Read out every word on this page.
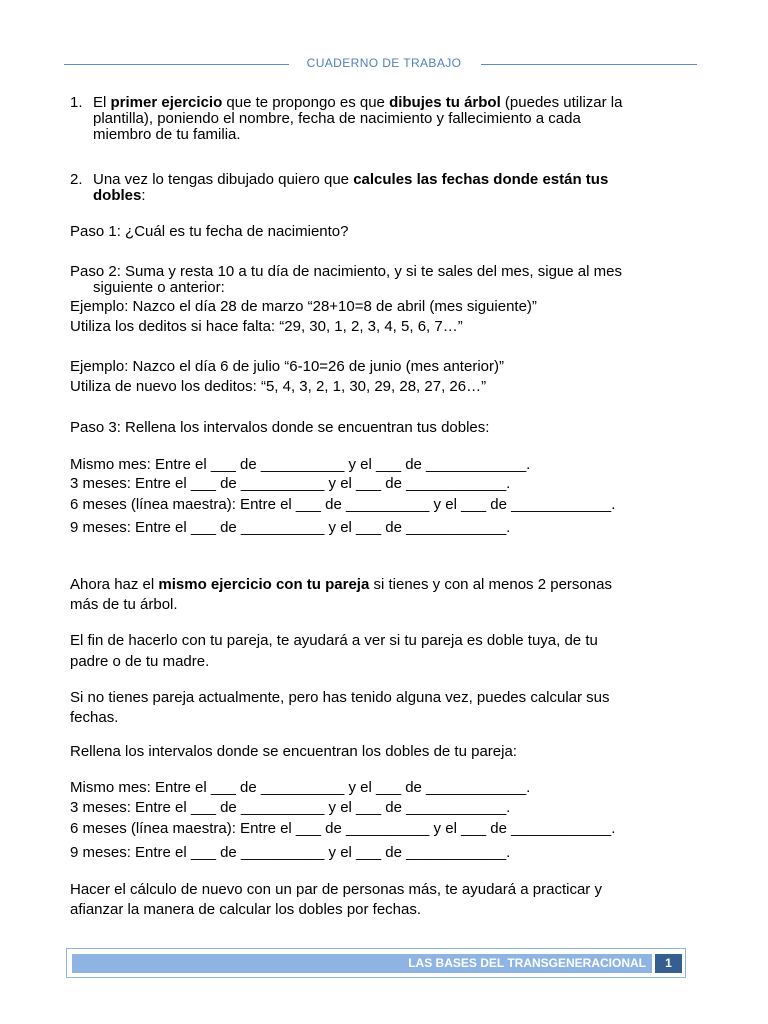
CUADERNO DE TRABAJO
1. El primer ejercicio que te propongo es que dibujes tu árbol (puedes utilizar la
plantilla), poniendo el nombre, fecha de nacimiento y fallecimiento a cada
miembro de tu familia.
2. Una vez lo tengas dibujado quiero que calcules las fechas donde están tus
dobles:
Paso 1: ¿Cuál es tu fecha de nacimiento?
Paso 2: Suma y resta 10 a tu día de nacimiento, y si te sales del mes, sigue al mes
siguiente o anterior:
Ejemplo: Nazco el día 28 de marzo “28+10=8 de abril (mes siguiente)”
Utiliza los deditos si hace falta: “29, 30, 1, 2, 3, 4, 5, 6, 7…”
Ejemplo: Nazco el día 6 de julio “6-10=26 de junio (mes anterior)”
Utiliza de nuevo los deditos: “5, 4, 3, 2, 1, 30, 29, 28, 27, 26…”
Paso 3: Rellena los intervalos donde se encuentran tus dobles:
Mismo mes: Entre el ___ de __________ y el ___ de ____________.
3 meses: Entre el ___ de __________ y el ___ de ____________.
6 meses (línea maestra): Entre el ___ de __________ y el ___ de ____________.
9 meses: Entre el ___ de __________ y el ___ de ____________.
Ahora haz el mismo ejercicio con tu pareja si tienes y con al menos 2 personas
más de tu árbol.
El fin de hacerlo con tu pareja, te ayudará a ver si tu pareja es doble tuya, de tu
padre o de tu madre.
Si no tienes pareja actualmente, pero has tenido alguna vez, puedes calcular sus
fechas.
Rellena los intervalos donde se encuentran los dobles de tu pareja:
Mismo mes: Entre el ___ de __________ y el ___ de ____________.
3 meses: Entre el ___ de __________ y el ___ de ____________.
6 meses (línea maestra): Entre el ___ de __________ y el ___ de ____________.
9 meses: Entre el ___ de __________ y el ___ de ____________.
Hacer el cálculo de nuevo con un par de personas más, te ayudará a practicar y
afianzar la manera de calcular los dobles por fechas.
LAS BASES DEL TRANSGENERACIONAL	1
